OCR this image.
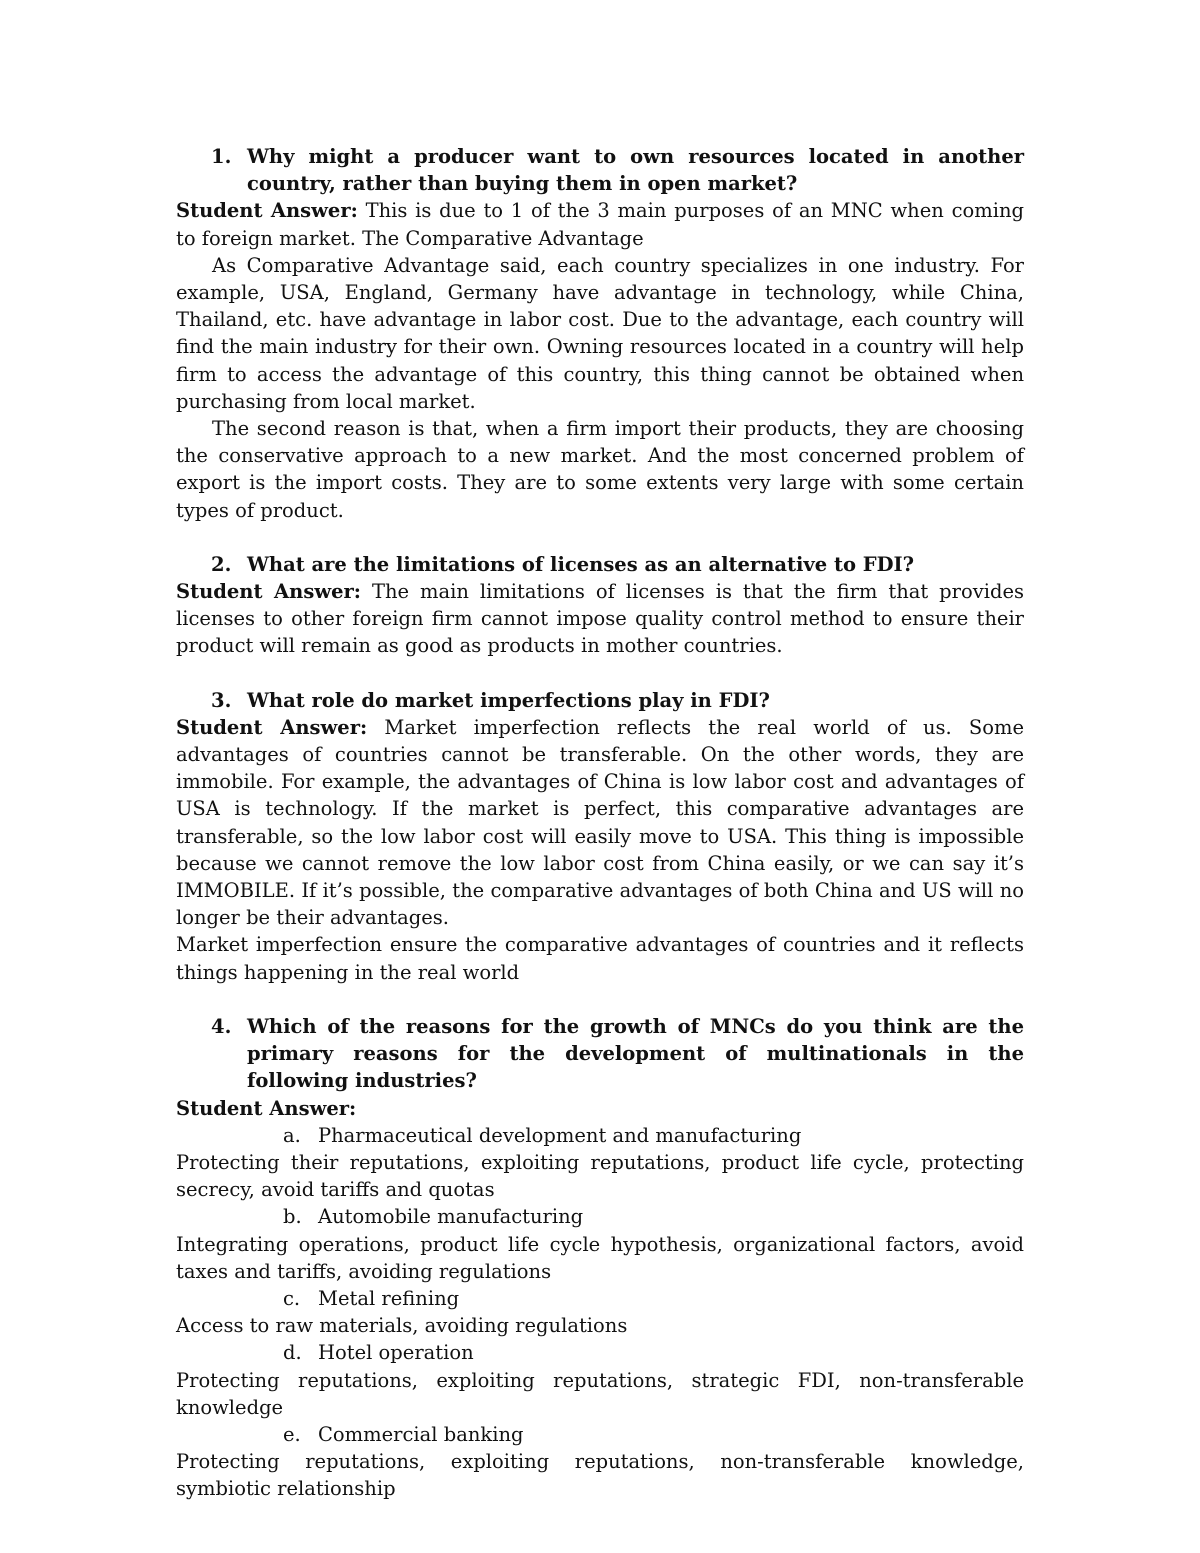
1. Why might a producer want to own resources located in another country, rather than buying them in open market?

Student Answer: This is due to 1 of the 3 main purposes of an MNC when coming to foreign market. The Comparative Advantage

As Comparative Advantage said, each country specializes in one industry. For example, USA, England, Germany have advantage in technology, while China, Thailand, etc. have advantage in labor cost. Due to the advantage, each country will find the main industry for their own. Owning resources located in a country will help firm to access the advantage of this country, this thing cannot be obtained when purchasing from local market.

The second reason is that, when a firm import their products, they are choosing the conservative approach to a new market. And the most concerned problem of export is the import costs. They are to some extents very large with some certain types of product.

2. What are the limitations of licenses as an alternative to FDI?

Student Answer: The main limitations of licenses is that the firm that provides licenses to other foreign firm cannot impose quality control method to ensure their product will remain as good as products in mother countries.

3. What role do market imperfections play in FDI?

Student Answer: Market imperfection reflects the real world of us. Some advantages of countries cannot be transferable. On the other words, they are immobile. For example, the advantages of China is low labor cost and advantages of USA is technology. If the market is perfect, this comparative advantages are transferable, so the low labor cost will easily move to USA. This thing is impossible because we cannot remove the low labor cost from China easily, or we can say it’s IMMOBILE. If it’s possible, the comparative advantages of both China and US will no longer be their advantages.

Market imperfection ensure the comparative advantages of countries and it reflects things happening in the real world

4. Which of the reasons for the growth of MNCs do you think are the primary reasons for the development of multinationals in the following industries?

Student Answer:

a. Pharmaceutical development and manufacturing

Protecting their reputations, exploiting reputations, product life cycle, protecting secrecy, avoid tariffs and quotas

b. Automobile manufacturing

Integrating operations, product life cycle hypothesis, organizational factors, avoid taxes and tariffs, avoiding regulations

c. Metal refining

Access to raw materials, avoiding regulations

d. Hotel operation

Protecting reputations, exploiting reputations, strategic FDI, non-transferable knowledge

e. Commercial banking

Protecting reputations, exploiting reputations, non-transferable knowledge, symbiotic relationship
